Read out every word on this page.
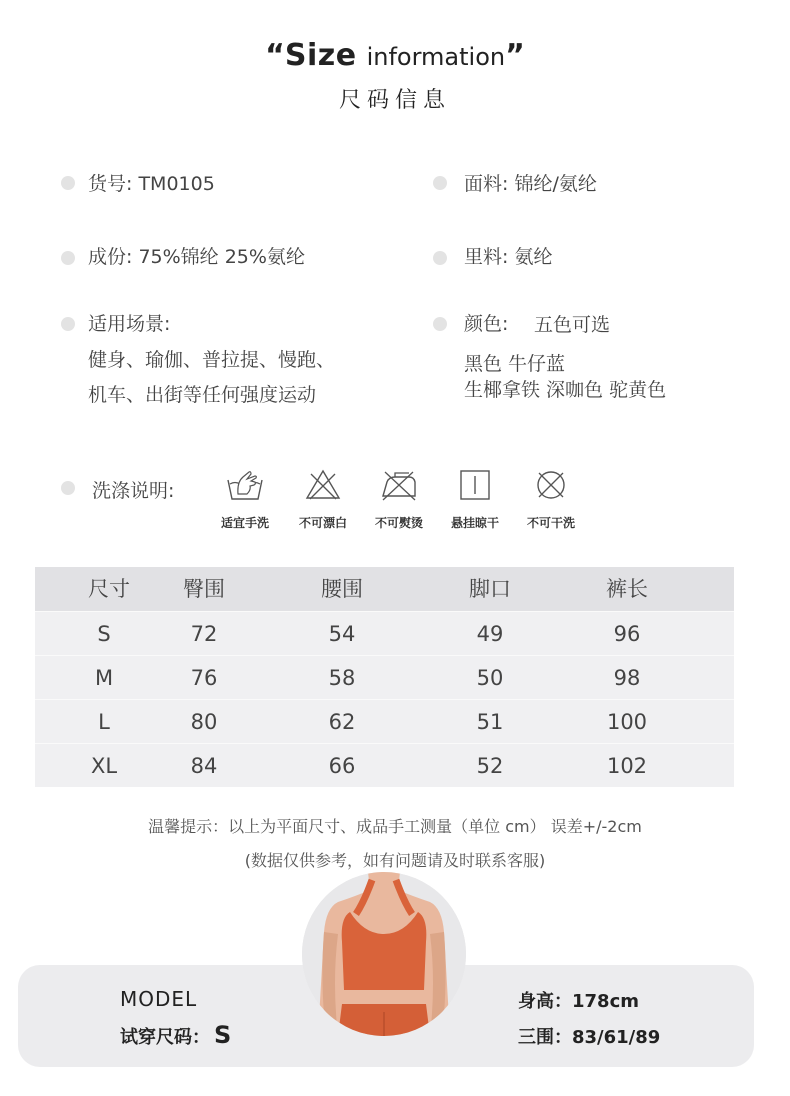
“Size information”
尺码信息
货号: TM0105	面料: 锦纶/氨纶
成份: 75%锦纶 25%氨纶	里料: 氨纶
适用场景:
健身、瑜伽、普拉提、慢跑、
机车、出街等任何强度运动
颜色: 五色可选
黑色 牛仔蓝
生椰拿铁 深咖色 驼黄色
洗涤说明:
适宜手洗	不可漂白	不可熨烫	悬挂晾干	不可干洗
尺寸	臀围	腰围	脚口	裤长
S	72	54	49	96
M	76	58	50	98
L	80	62	51	100
XL	84	66	52	102
温馨提示：以上为平面尺寸、成品手工测量（单位 cm） 误差+/-2cm
(数据仅供参考，如有问题请及时联系客服)
MODEL
试穿尺码： S
身高：178cm
三围：83/61/89
